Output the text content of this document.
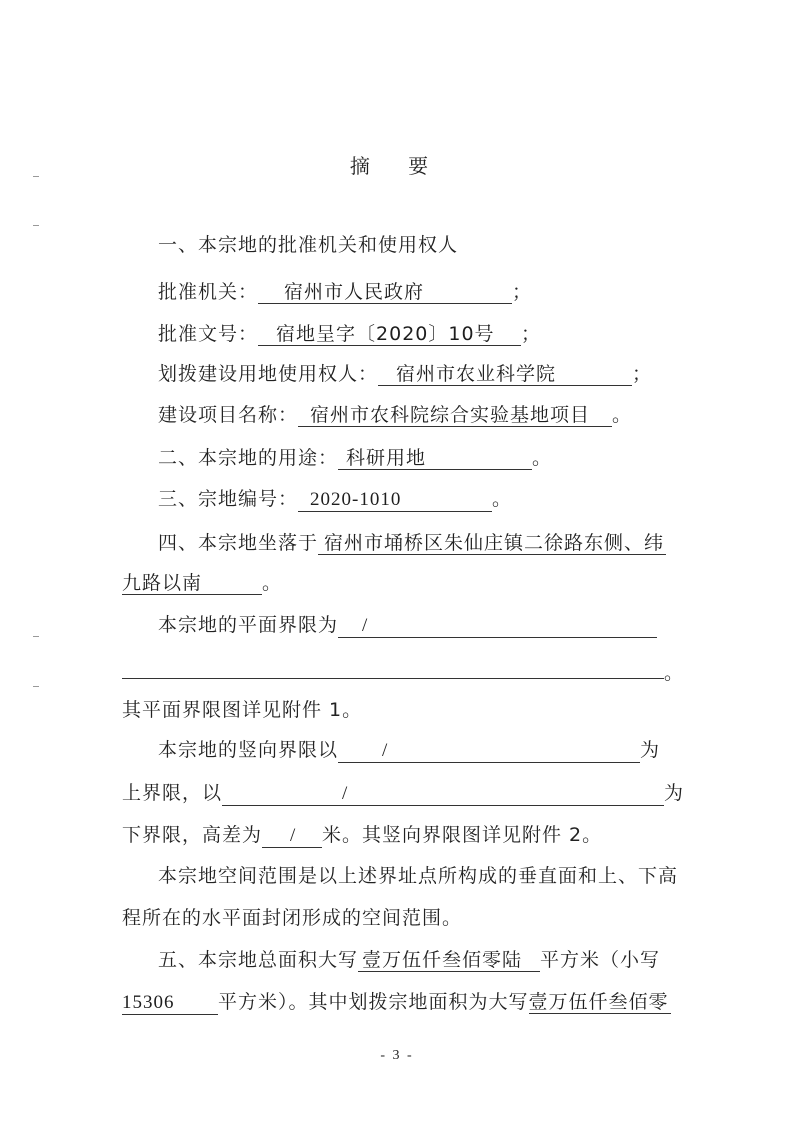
摘 要
一、本宗地的批准机关和使用权人
批准机关： 宿州市人民政府	；
批准文号： 宿地呈字〔2020〕10号 ；
划拨建设用地使用权人： 宿州市农业科学院	；
建设项目名称： 宿州市农科院综合实验基地项目 。
二、本宗地的用途： 科研用地	。
三、宗地编号： 2020-1010	。
四、本宗地坐落于 宿州市埇桥区朱仙庄镇二徐路东侧、纬
九路以南	。
本宗地的平面界限为 /
。
其平面界限图详见附件 1。
本宗地的竖向界限以 /	为
上界限，以	/	为
下界限，高差为 / 米。其竖向界限图详见附件 2。
本宗地空间范围是以上述界址点所构成的垂直面和上、下高
程所在的水平面封闭形成的空间范围。
五、本宗地总面积大写 壹万伍仟叁佰零陆 平方米（小写
15306 平方米）。其中划拨宗地面积为大写壹万伍仟叁佰零
- 3 -
